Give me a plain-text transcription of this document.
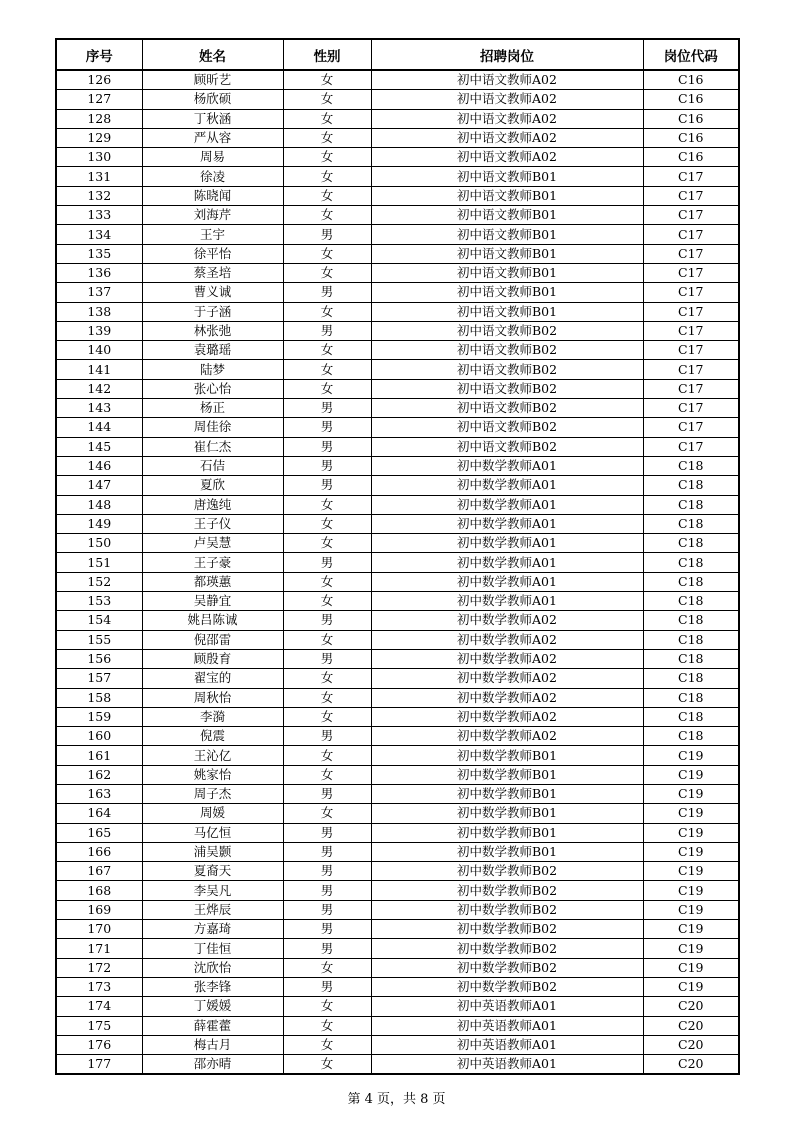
序号	姓名	性别	招聘岗位	岗位代码
126	顾昕艺	女	初中语文教师A02	C16
127	杨欣硕	女	初中语文教师A02	C16
128	丁秋涵	女	初中语文教师A02	C16
129	严从容	女	初中语文教师A02	C16
130	周易	女	初中语文教师A02	C16
131	徐凌	女	初中语文教师B01	C17
132	陈晓闻	女	初中语文教师B01	C17
133	刘海芹	女	初中语文教师B01	C17
134	王宇	男	初中语文教师B01	C17
135	徐平怡	女	初中语文教师B01	C17
136	蔡圣培	女	初中语文教师B01	C17
137	曹义诚	男	初中语文教师B01	C17
138	于子涵	女	初中语文教师B01	C17
139	林张弛	男	初中语文教师B02	C17
140	袁璐瑶	女	初中语文教师B02	C17
141	陆梦	女	初中语文教师B02	C17
142	张心怡	女	初中语文教师B02	C17
143	杨正	男	初中语文教师B02	C17
144	周佳徐	男	初中语文教师B02	C17
145	崔仁杰	男	初中语文教师B02	C17
146	石佶	男	初中数学教师A01	C18
147	夏欣	男	初中数学教师A01	C18
148	唐逸纯	女	初中数学教师A01	C18
149	王子仪	女	初中数学教师A01	C18
150	卢吴慧	女	初中数学教师A01	C18
151	王子豪	男	初中数学教师A01	C18
152	都瑛蕙	女	初中数学教师A01	C18
153	吴静宜	女	初中数学教师A01	C18
154	姚吕陈诚	男	初中数学教师A02	C18
155	倪邵雷	女	初中数学教师A02	C18
156	顾殷育	男	初中数学教师A02	C18
157	翟宝的	女	初中数学教师A02	C18
158	周秋怡	女	初中数学教师A02	C18
159	李漪	女	初中数学教师A02	C18
160	倪震	男	初中数学教师A02	C18
161	王沁亿	女	初中数学教师B01	C19
162	姚家怡	女	初中数学教师B01	C19
163	周子杰	男	初中数学教师B01	C19
164	周媛	女	初中数学教师B01	C19
165	马亿恒	男	初中数学教师B01	C19
166	浦吴颢	男	初中数学教师B01	C19
167	夏裔天	男	初中数学教师B02	C19
168	李吴凡	男	初中数学教师B02	C19
169	王烨辰	男	初中数学教师B02	C19
170	方嘉琦	男	初中数学教师B02	C19
171	丁佳恒	男	初中数学教师B02	C19
172	沈欣怡	女	初中数学教师B02	C19
173	张李锋	男	初中数学教师B02	C19
174	丁媛媛	女	初中英语教师A01	C20
175	薛霍藿	女	初中英语教师A01	C20
176	梅古月	女	初中英语教师A01	C20
177	邵亦晴	女	初中英语教师A01	C20
第 4 页，共 8 页
